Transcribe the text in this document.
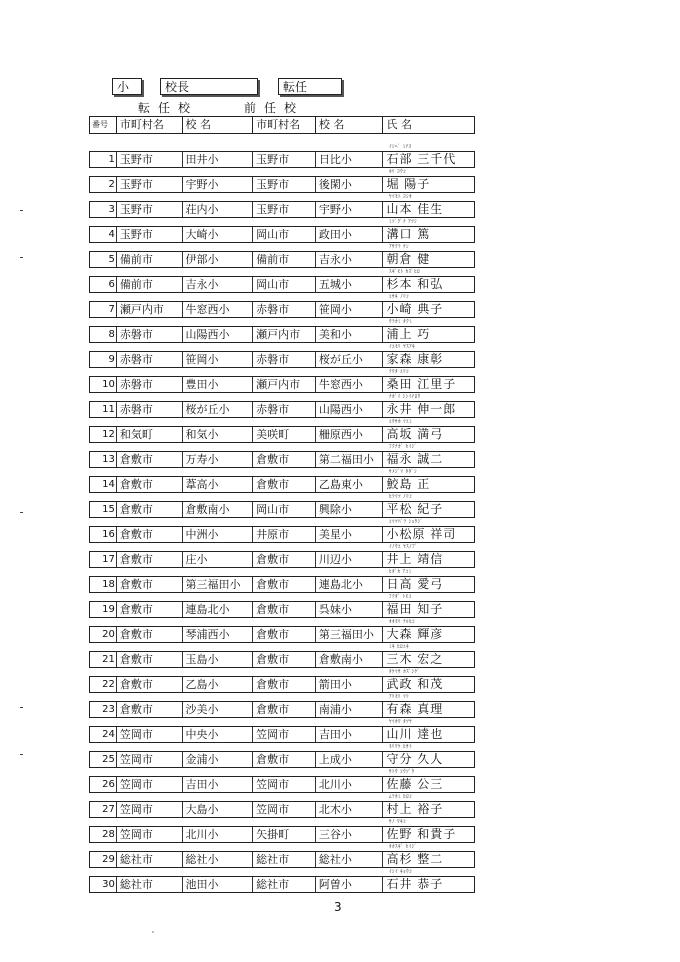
小	校長	転任
転任校	前任校
番号	市町村名	校 名	市町村名	校 名	氏 名
ｲｼﾍﾞ ﾐﾁﾖ
1 玉野市	田井小	玉野市	日比小	石部 三千代
ﾎﾘ ﾖｳｺ
2 玉野市	宇野小	玉野市	後閑小	堀 陽子
ﾔﾏﾓﾄ ﾖｼｵ
3 玉野市	荘内小	玉野市	宇野小	山本 佳生
ﾐｿﾞｸﾞﾁ ｱﾂｼ
4 玉野市	大崎小	岡山市	政田小	溝口 篤
ｱｻｸﾗ ｹﾝ
5 備前市	伊部小	備前市	吉永小	朝倉 健
ｽｷﾞﾓﾄ ｶｽﾞﾋﾛ
6 備前市	吉永小	岡山市	五城小	杉本 和弘
ｺｻｷ ﾉﾘｺ
7 瀬戸内市	牛窓西小	赤磐市	笹岡小	小崎 典子
ｳﾗｶﾐ ﾀｸﾐ
8 赤磐市	山陽西小	瀬戸内市	美和小	浦上 巧
ｲｴﾓﾘ ﾔｽｱｷ
9 赤磐市	笹岡小	赤磐市	桜が丘小	家森 康彰
ｸﾜﾀ ｴﾘｺ
10 赤磐市	豊田小	瀬戸内市	牛窓西小	桑田 江里子
ﾅｶﾞｲ ｼﾝｲﾁﾛｳ
11 赤磐市	桜が丘小	赤磐市	山陽西小	永井 伸一郎
ｺｳｻｶ ﾏﾕﾐ
12 和気町	和気小	美咲町	柵原西小	高坂 満弓
ﾌｸﾅｶﾞ ｾｲｼﾞ
13 倉敷市	万寿小	倉敷市	第二福田小	福永 誠二
ｻﾒｼﾞﾏ ﾀﾀﾞｼ
14 倉敷市	葦高小	倉敷市	乙島東小	鮫島 正
ﾋﾗﾏﾂ ﾉﾘｺ
15 倉敷市	倉敷南小	岡山市	興除小	平松 紀子
ｺﾏﾂﾊﾞﾗ ｼｮｳｼﾞ
16 倉敷市	中洲小	井原市	美星小	小松原 祥司
ｲﾉｳｴ ﾔｽﾉﾌﾞ
17 倉敷市	庄小	倉敷市	川辺小	井上 靖信
ﾋﾀﾞｶ ｱﾕﾐ
18 倉敷市	第三福田小	倉敷市	連島北小	日高 愛弓
ﾌｸﾀﾞ ﾄﾓｺ
19 倉敷市	連島北小	倉敷市	呉妹小	福田 知子
ｵｵﾓﾘ ﾃﾙﾋｺ
20 倉敷市	琴浦西小	倉敷市	第三福田小	大森 輝彦
ﾐｷ ﾋﾛﾕｷ
21 倉敷市	玉島小	倉敷市	倉敷南小	三木 宏之
ﾀｹﾏｻ ｶｽﾞｼｹﾞ
22 倉敷市	乙島小	倉敷市	箭田小	武政 和茂
ｱﾘﾓﾘ ﾏﾘ
23 倉敷市	沙美小	倉敷市	南浦小	有森 真理
ﾔﾏｶﾜ ﾀﾂﾔ
24 笠岡市	中央小	笠岡市	吉田小	山川 達也
ﾓﾘﾜｹ ﾋｻﾄ
25 笠岡市	金浦小	倉敷市	上成小	守分 久人
ｻﾄｳ ｺｳｿﾞｳ
26 笠岡市	吉田小	笠岡市	北川小	佐藤 公三
ﾑﾗｶﾐ ﾋﾛｺ
27 笠岡市	大島小	笠岡市	北木小	村上 裕子
ｻﾉ ﾜｷｺ
28 笠岡市	北川小	矢掛町	三谷小	佐野 和貴子
ﾀｶｽｷﾞ ｾｲｼﾞ
29 総社市	総社小	総社市	総社小	高杉 整二
ｲｼｲ ｷｮｳｺ
30 総社市	池田小	総社市	阿曽小	石井 恭子
3
